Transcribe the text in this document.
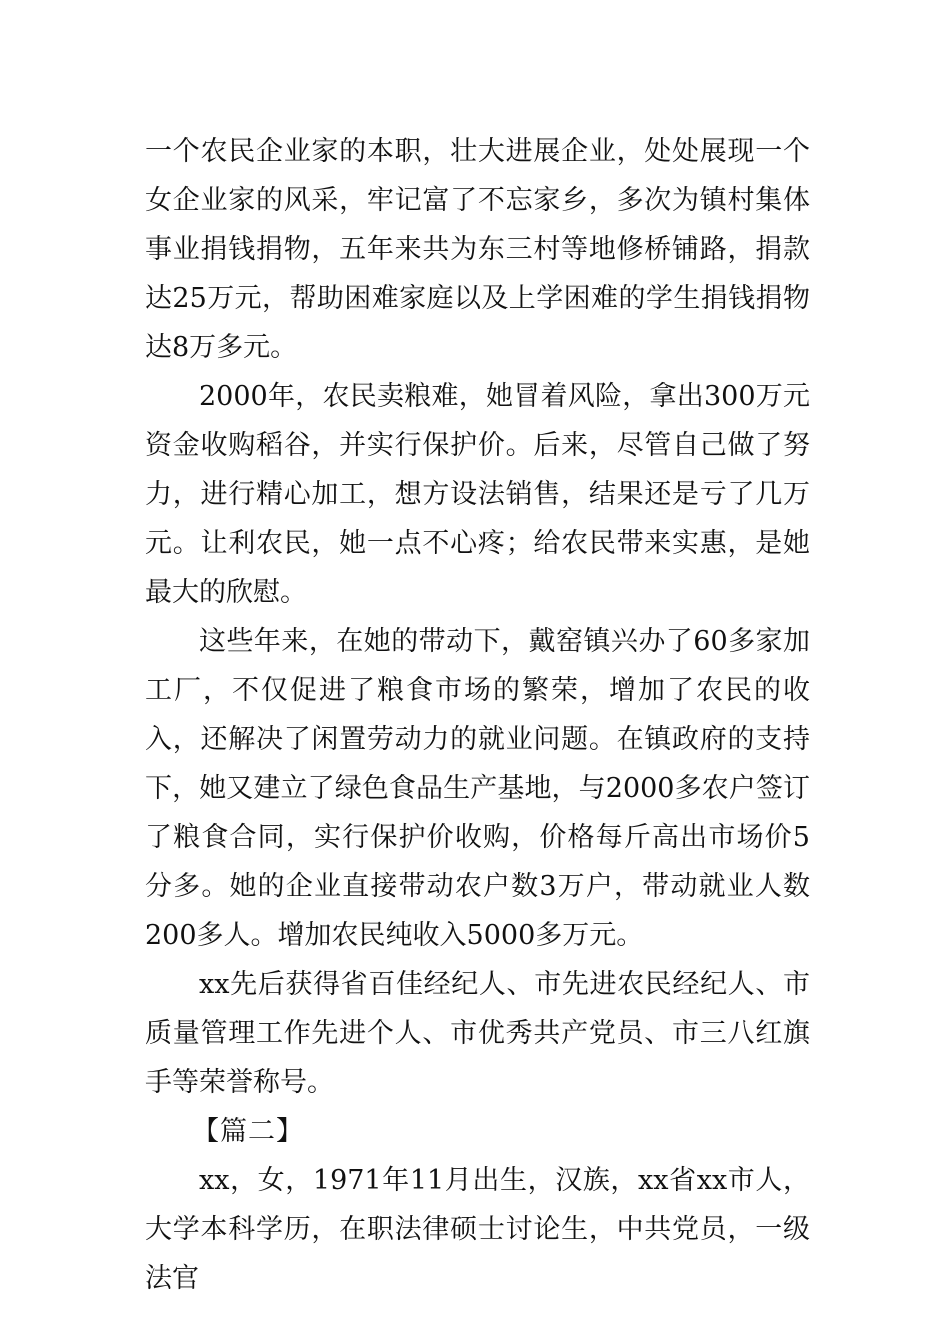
一个农民企业家的本职，壮大进展企业，处处展现一个女企业家的风采，牢记富了不忘家乡，多次为镇村集体事业捐钱捐物，五年来共为东三村等地修桥铺路，捐款达25万元，帮助困难家庭以及上学困难的学生捐钱捐物达8万多元。

2000年，农民卖粮难，她冒着风险，拿出300万元资金收购稻谷，并实行保护价。后来，尽管自己做了努力，进行精心加工，想方设法销售，结果还是亏了几万元。让利农民，她一点不心疼；给农民带来实惠，是她最大的欣慰。

这些年来，在她的带动下，戴窑镇兴办了60多家加工厂，不仅促进了粮食市场的繁荣，增加了农民的收入，还解决了闲置劳动力的就业问题。在镇政府的支持下，她又建立了绿色食品生产基地，与2000多农户签订了粮食合同，实行保护价收购，价格每斤高出市场价5分多。她的企业直接带动农户数3万户，带动就业人数200多人。增加农民纯收入5000多万元。

xx先后获得省百佳经纪人、市先进农民经纪人、市质量管理工作先进个人、市优秀共产党员、市三八红旗手等荣誉称号。

【篇二】

xx，女，1971年11月出生，汉族，xx省xx市人，大学本科学历，在职法律硕士讨论生，中共党员，一级法官
